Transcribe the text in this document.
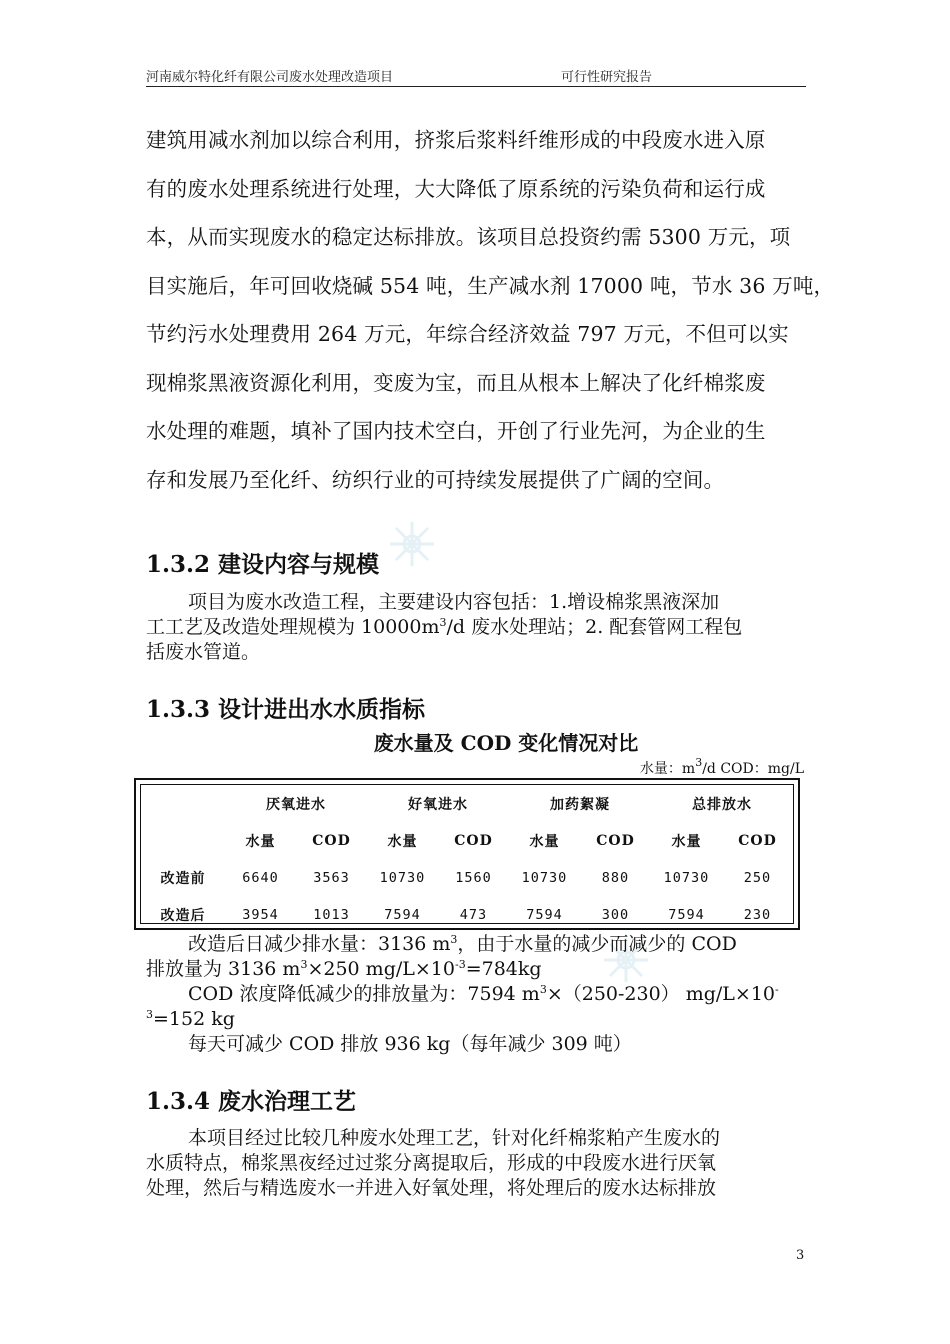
河南威尔特化纤有限公司废水处理改造项目	可行性研究报告

建筑用减水剂加以综合利用，挤浆后浆料纤维形成的中段废水进入原

有的废水处理系统进行处理，大大降低了原系统的污染负荷和运行成

本，从而实现废水的稳定达标排放。该项目总投资约需 5300 万元，项

目实施后，年可回收烧碱 554 吨，生产减水剂 17000 吨，节水 36 万吨，

节约污水处理费用 264 万元，年综合经济效益 797 万元，不但可以实

现棉浆黑液资源化利用，变废为宝，而且从根本上解决了化纤棉浆废

水处理的难题，填补了国内技术空白，开创了行业先河，为企业的生

存和发展乃至化纤、纺织行业的可持续发展提供了广阔的空间。

1.3.2 建设内容与规模

项目为废水改造工程，主要建设内容包括：1.增设棉浆黑液深加

工工艺及改造处理规模为 $10000m^3/d$ 废水处理站；2. 配套管网工程包

括废水管道。

1.3.3 设计进出水水质指标
废水量及 COD 变化情况对比
水量：$m^3/d$ COD：mg/L
	厌氧进水		好氧进水		加药絮凝		总排放水	
	水量	COD	水量	COD	水量	COD	水量	COD
改造前	6640	3563	10730	1560	10730	880	10730	250
改造后	3954	1013	7594	473	7594	300	7594	230

改造后日减少排水量：3136 $m^3$，由于水量的减少而减少的 COD

排放量为 3136 $m^3\times 250$ $mg/L\times 10^{-3}=784kg$

COD 浓度降低减少的排放量为：7594 $m^3\times(250-230)$ mg/L×10-

$^3$=152 kg

每天可减少 COD 排放 936 kg（每年减少 309 吨）

1.3.4 废水治理工艺

本项目经过比较几种废水处理工艺，针对化纤棉浆粕产生废水的

水质特点，棉浆黑夜经过过浆分离提取后，形成的中段废水进行厌氧

处理，然后与精选废水一并进入好氧处理，将处理后的废水达标排放

3
